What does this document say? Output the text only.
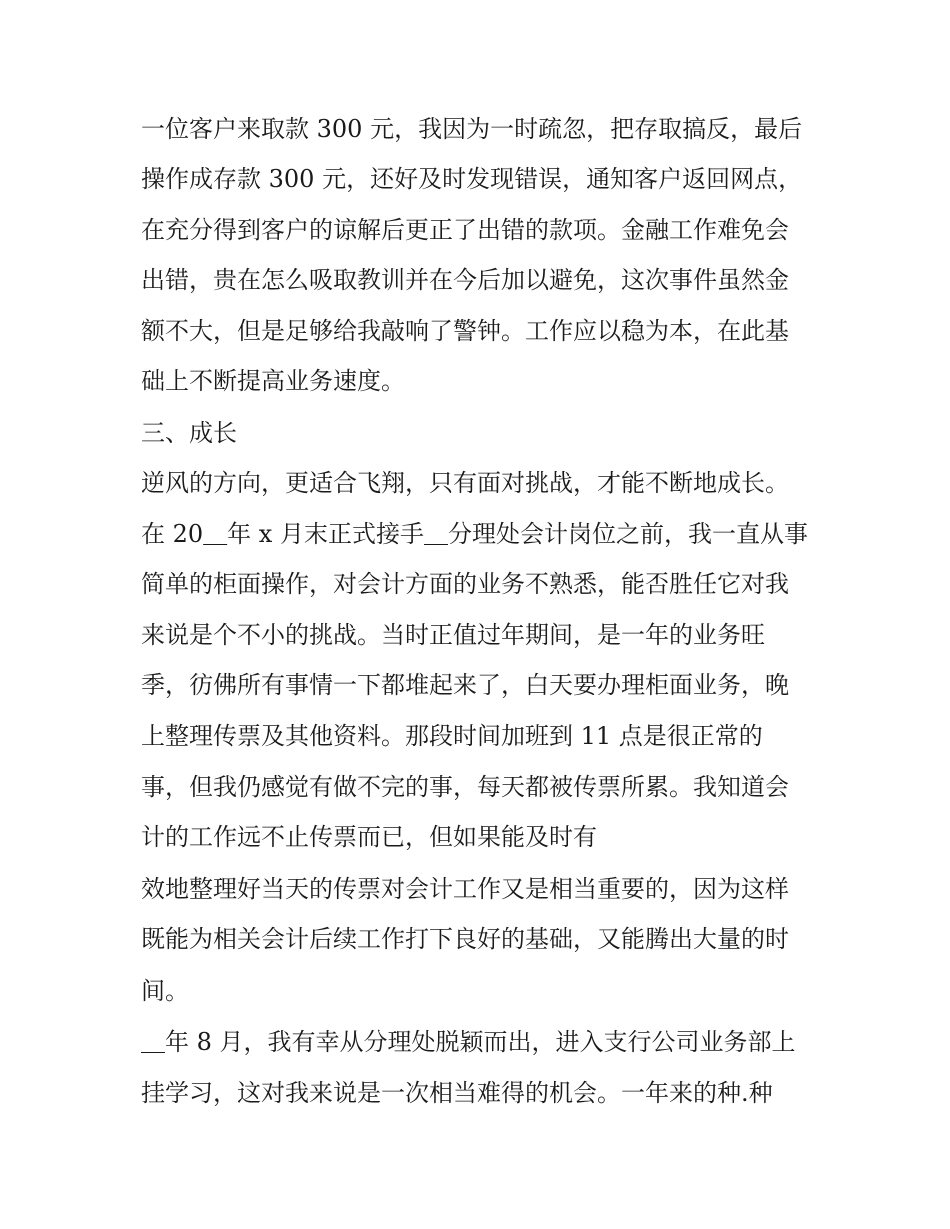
一位客户来取款 300 元，我因为一时疏忽，把存取搞反，最后
操作成存款 300 元，还好及时发现错误，通知客户返回网点，
在充分得到客户的谅解后更正了出错的款项。金融工作难免会
出错，贵在怎么吸取教训并在今后加以避免，这次事件虽然金
额不大，但是足够给我敲响了警钟。工作应以稳为本，在此基
础上不断提高业务速度。
三、成长
逆风的方向，更适合飞翔，只有面对挑战，才能不断地成长。
在 20＿年 x 月末正式接手＿分理处会计岗位之前，我一直从事
简单的柜面操作，对会计方面的业务不熟悉，能否胜任它对我
来说是个不小的挑战。当时正值过年期间，是一年的业务旺
季，彷佛所有事情一下都堆起来了，白天要办理柜面业务，晚
上整理传票及其他资料。那段时间加班到 11 点是很正常的
事，但我仍感觉有做不完的事，每天都被传票所累。我知道会
计的工作远不止传票而已，但如果能及时有
效地整理好当天的传票对会计工作又是相当重要的，因为这样
既能为相关会计后续工作打下良好的基础，又能腾出大量的时
间。
＿年 8 月，我有幸从分理处脱颖而出，进入支行公司业务部上
挂学习，这对我来说是一次相当难得的机会。一年来的种.种
